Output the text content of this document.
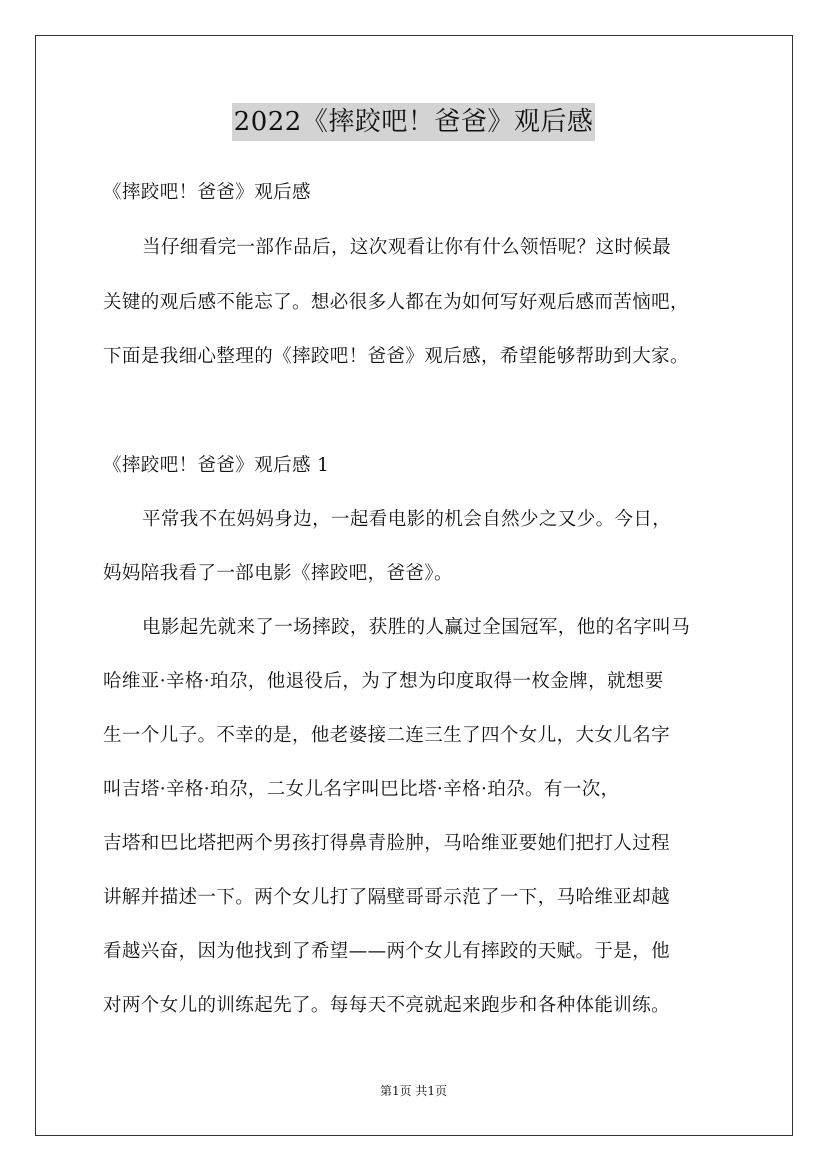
2022《摔跤吧！爸爸》观后感
《摔跤吧！爸爸》观后感
当仔细看完一部作品后，这次观看让你有什么领悟呢？这时候最
关键的观后感不能忘了。想必很多人都在为如何写好观后感而苦恼吧，
下面是我细心整理的《摔跤吧！爸爸》观后感，希望能够帮助到大家。
《摔跤吧！爸爸》观后感 1
平常我不在妈妈身边，一起看电影的机会自然少之又少。今日，
妈妈陪我看了一部电影《摔跤吧，爸爸》。
电影起先就来了一场摔跤，获胜的人赢过全国冠军，他的名字叫马
哈维亚·辛格·珀尕，他退役后，为了想为印度取得一枚金牌，就想要
生一个儿子。不幸的是，他老婆接二连三生了四个女儿，大女儿名字
叫吉塔·辛格·珀尕，二女儿名字叫巴比塔·辛格·珀尕。有一次，
吉塔和巴比塔把两个男孩打得鼻青脸肿，马哈维亚要她们把打人过程
讲解并描述一下。两个女儿打了隔壁哥哥示范了一下，马哈维亚却越
看越兴奋，因为他找到了希望——两个女儿有摔跤的天赋。于是，他
对两个女儿的训练起先了。每每天不亮就起来跑步和各种体能训练。
第1页 共1页
